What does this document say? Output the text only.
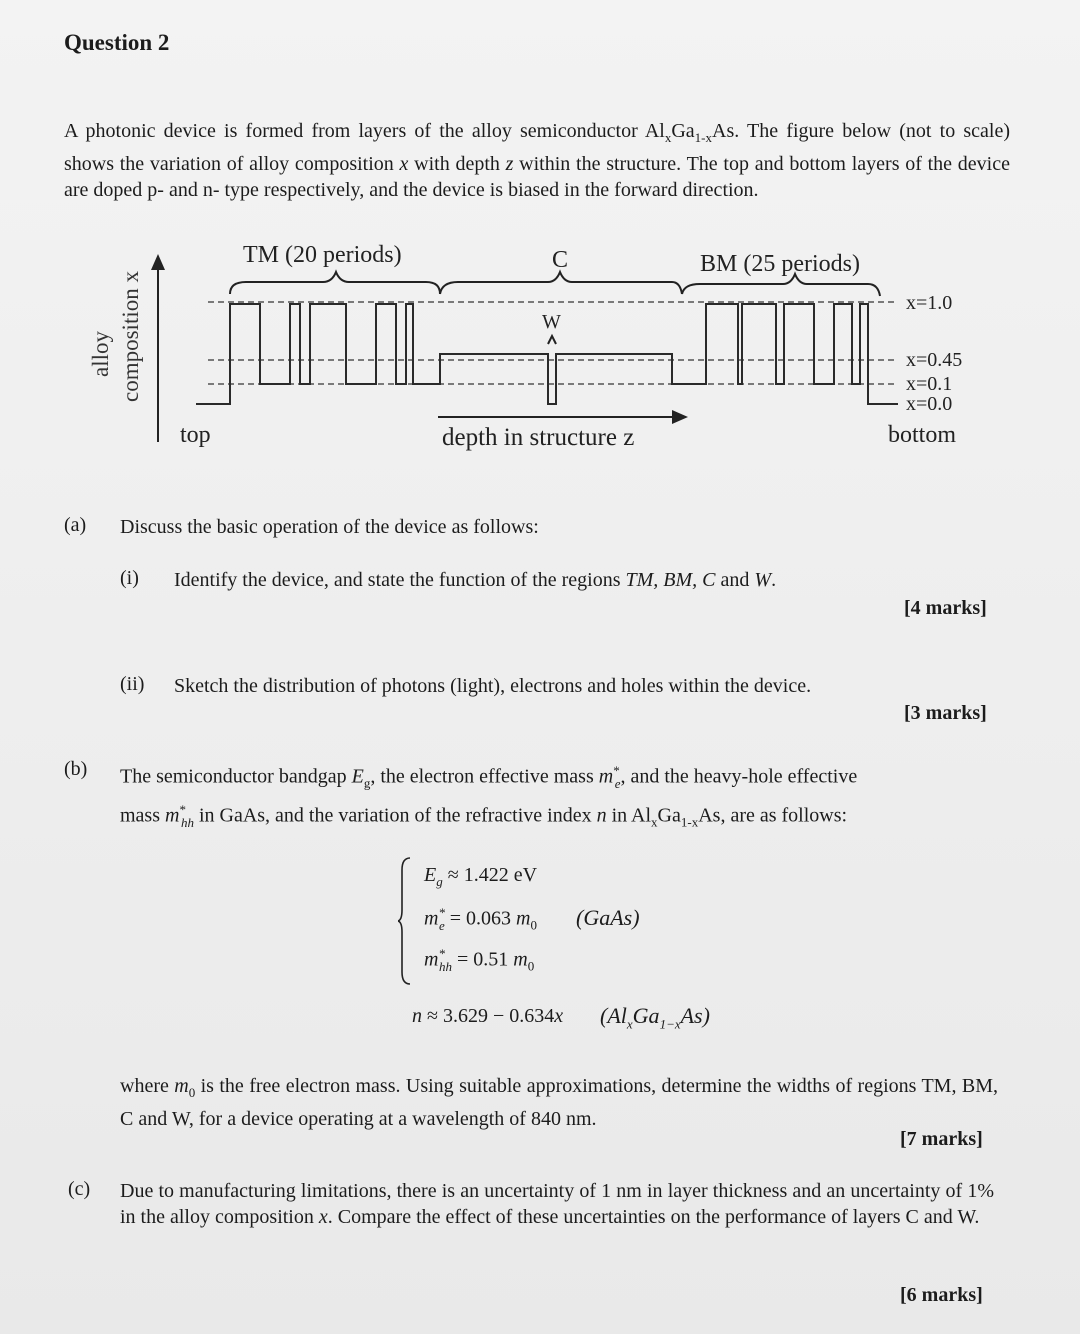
Question 2
A photonic device is formed from layers of the alloy semiconductor $Al_xGa_{1-x}As$. The figure below (not to scale) shows the variation of alloy composition x with depth z within the structure. The top and bottom layers of the device are doped p- and n- type respectively, and the device is biased in the forward direction.
composition x
alloy
TM (20 periods)	C	BM (25 periods)
W
depth in structure z
top	bottom
x=1.0
x=0.45
x=0.1
x=0.0
(a) Discuss the basic operation of the device as follows:
(i) Identify the device, and state the function of the regions TM, BM, C and W.
[4 marks]
(ii) Sketch the distribution of photons (light), electrons and holes within the device.
[3 marks]
(b) The semiconductor bandgap $E_g$, the electron effective mass $m^*_e$, and the heavy-hole effective
mass $m^*_{hh}$ in GaAs, and the variation of the refractive index n in $Al_xGa_{1-x}As$, are as follows:
$E_g \approx 1.422$ eV
$m^*_e = 0.063$ $m_0$ (GaAs)
$m^*_{hh} = 0.51$ $m_0$
n ≈ 3.629 − 0.634x $(Al_xGa_{1-x}As)$
where $m_0$ is the free electron mass. Using suitable approximations, determine the widths of regions TM, BM, C and W, for a device operating at a wavelength of 840 nm.
[7 marks]
(c) Due to manufacturing limitations, there is an uncertainty of 1 nm in layer thickness and an uncertainty of 1% in the alloy composition x. Compare the effect of these uncertainties on the performance of layers C and W.
[6 marks]
